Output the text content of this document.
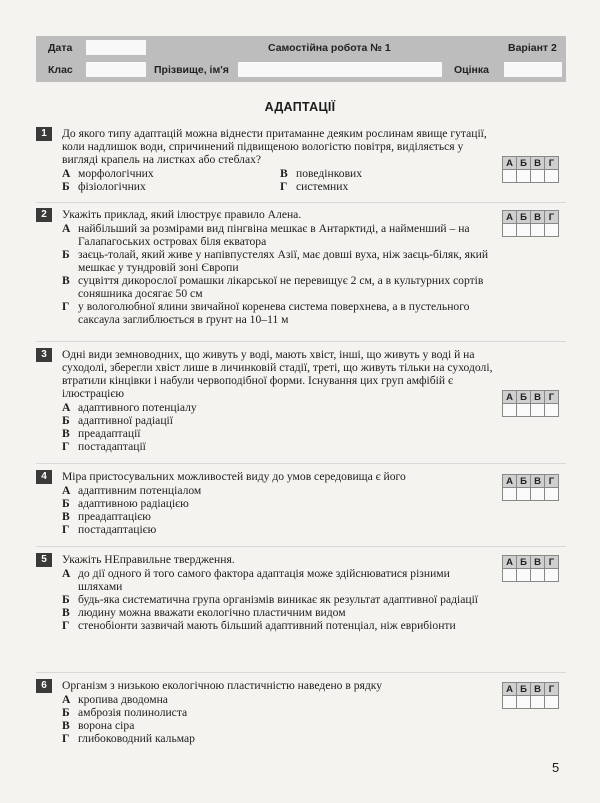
Дата	Самостійна робота № 1	Варіант 2
Клас	Прізвище, ім'я	Оцінка
АДАПТАЦІЇ
1	До якого типу адаптацій можна віднести притаманне деяким рослинам явище гутації, коли надлишок води, спричинений підвищеною вологістю повітря, виділяється у вигляді крапель на листках або стеблах?
А морфологічних	В поведінкових
Б фізіологічних	Г системних
А Б В Г
2	Укажіть приклад, який ілюструє правило Алена.
А найбільший за розмірами вид пінгвіна мешкає в Антарктиді, а найменший – на Галапагоських островах біля екватора
Б заєць-толай, який живе у напівпустелях Азії, має довші вуха, ніж заєць-біляк, який мешкає у тундровій зоні Європи
В суцвіття дикорослої ромашки лікарської не перевищує 2 см, а в культурних сортів соняшника досягає 50 см
Г у вологолюбної ялини звичайної коренева система поверхнева, а в пустельного саксаула заглиблюється в ґрунт на 10–11 м
А Б В Г
3	Одні види земноводних, що живуть у воді, мають хвіст, інші, що живуть у воді й на суходолі, зберегли хвіст лише в личинковій стадії, треті, що живуть тільки на суходолі, втратили кінцівки і набули червоподібної форми. Існування цих груп амфібій є ілюстрацією
А адаптивного потенціалу
Б адаптивної радіації
В преадаптації
Г постадаптації
А Б В Г
4	Міра пристосувальних можливостей виду до умов середовища є його
А адаптивним потенціалом
Б адаптивною радіацією
В преадаптацією
Г постадаптацією
А Б В Г
5	Укажіть НЕправильне твердження.
А до дії одного й того самого фактора адаптація може здійснюватися різними шляхами
Б будь-яка систематична група організмів виникає як результат адаптивної радіації
В людину можна вважати екологічно пластичним видом
Г стенобіонти зазвичай мають більший адаптивний потенціал, ніж еврибіонти
А Б В Г
6	Організм з низькою екологічною пластичністю наведено в рядку
А кропива дводомна
Б амброзія полинолиста
В ворона сіра
Г глибоководний кальмар
А Б В Г
5
